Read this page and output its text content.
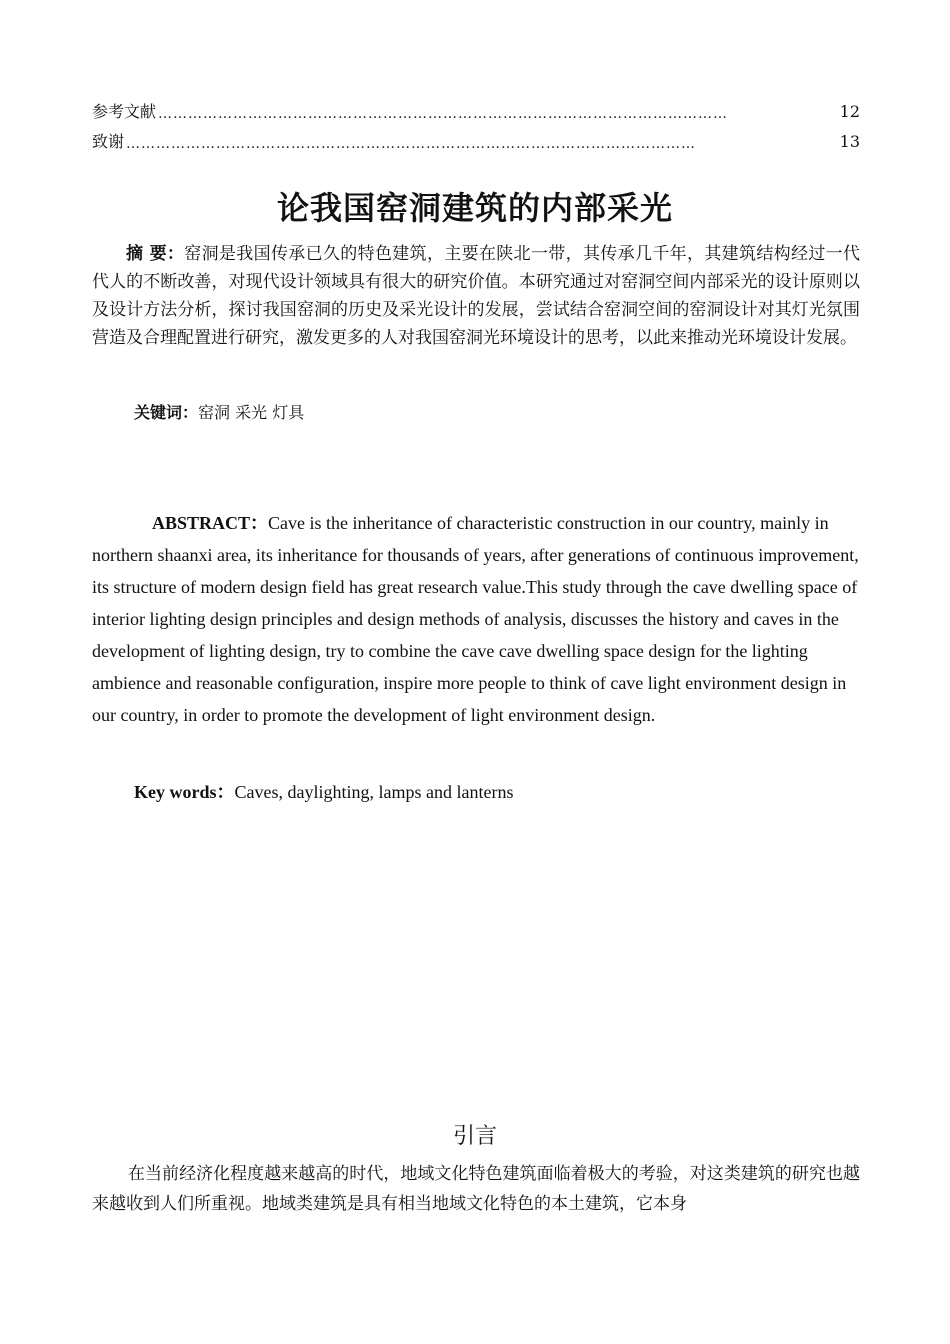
参考文献 ……………………………………………………………………………………………………	12
致谢 ……………………………………………………………………………………………………	13
论我国窑洞建筑的内部采光
摘 要：窑洞是我国传承已久的特色建筑，主要在陕北一带，其传承几千年，其建筑结构经过一代代人的不断改善，对现代设计领域具有很大的研究价值。本研究通过对窑洞空间内部采光的设计原则以及设计方法分析，探讨我国窑洞的历史及采光设计的发展，尝试结合窑洞空间的窑洞设计对其灯光氛围营造及合理配置进行研究，激发更多的人对我国窑洞光环境设计的思考，以此来推动光环境设计发展。
关键词：窑洞 采光 灯具
ABSTRACT：Cave is the inheritance of characteristic construction in our country, mainly in northern shaanxi area, its inheritance for thousands of years, after generations of continuous improvement, its structure of modern design field has great research value.This study through the cave dwelling space of interior lighting design principles and design methods of analysis, discusses the history and caves in the development of lighting design, try to combine the cave cave dwelling space design for the lighting ambience and reasonable configuration, inspire more people to think of cave light environment design in our country, in order to promote the development of light environment design.
Key words：Caves, daylighting, lamps and lanterns
引言
在当前经济化程度越来越高的时代，地域文化特色建筑面临着极大的考验，对这类建筑的研究也越来越收到人们所重视。地域类建筑是具有相当地域文化特色的本土建筑，它本身
